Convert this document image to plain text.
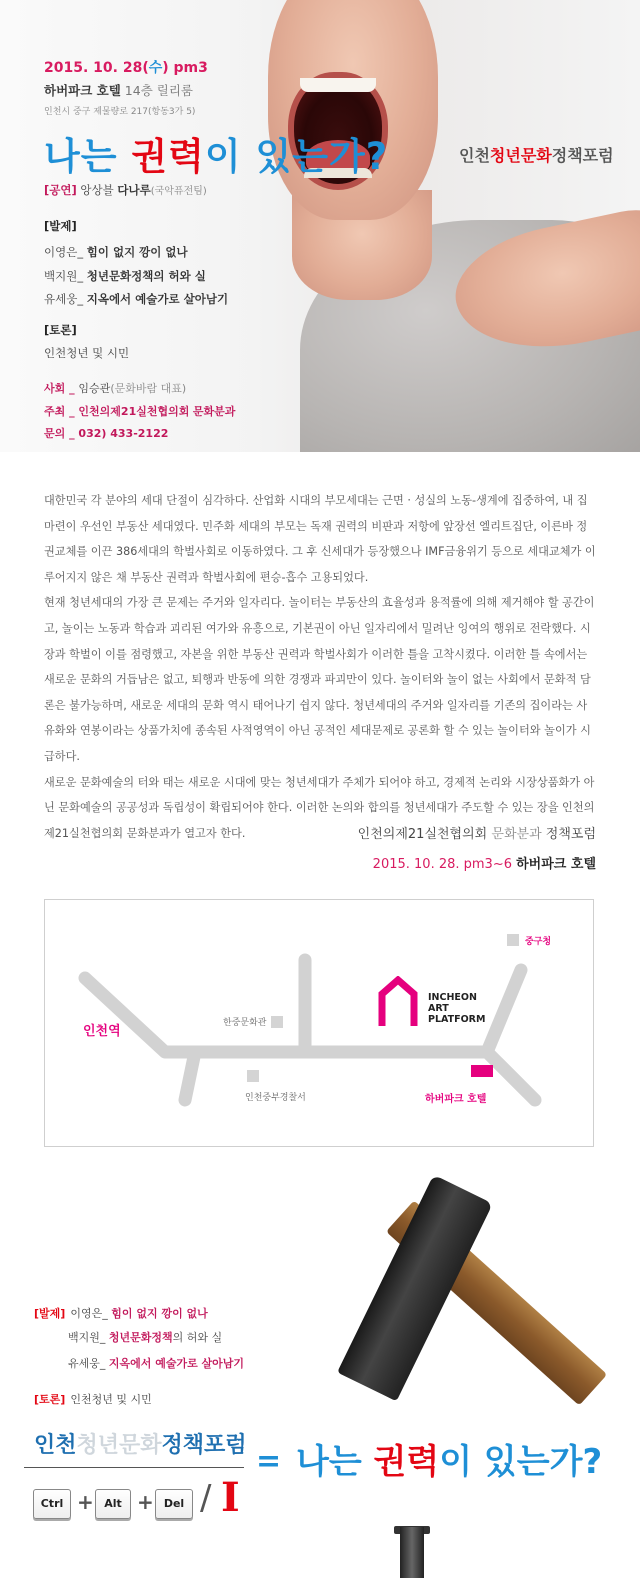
2015. 10. 28(수) pm3
하버파크 호텔 14층 릴리룸
인천시 중구 제물량로 217(항동3가 5)
나는 권력이 있는가?	인천청년문화정책포럼
[공연] 앙상블 다나루(국악퓨전팀)
[발제]
이영은_ 힘이 없지 깡이 없나
백지원_ 청년문화정책의 허와 실
유세웅_ 지옥에서 예술가로 살아남기
[토론]
인천청년 및 시민
사회 _ 임승관(문화바람 대표)
주최 _ 인천의제21실천협의회 문화분과
문의 _ 032) 433-2122

대한민국 각 분야의 세대 단절이 심각하다. 산업화 시대의 부모세대는 근면 · 성실의 노동-생계에 집중하여, 내 집 마련이 우선인 부동산 세대였다. 민주화 세대의 부모는 독재 권력의 비판과 저항에 앞장선 엘리트집단, 이른바 정권교체를 이끈 386세대의 학벌사회로 이동하였다. 그 후 신세대가 등장했으나 IMF금융위기 등으로 세대교체가 이루어지지 않은 채 부동산 권력과 학벌사회에 편승-흡수 고용되었다.

현재 청년세대의 가장 큰 문제는 주거와 일자리다. 놀이터는 부동산의 효율성과 용적률에 의해 제거해야 할 공간이고, 놀이는 노동과 학습과 괴리된 여가와 유흥으로, 기본권이 아닌 일자리에서 밀려난 잉여의 행위로 전락했다. 시장과 학벌이 이를 점령했고, 자본을 위한 부동산 권력과 학벌사회가 이러한 틀을 고착시켰다. 이러한 틀 속에서는 새로운 문화의 거듭남은 없고, 퇴행과 반동에 의한 경쟁과 파괴만이 있다. 놀이터와 놀이 없는 사회에서 문화적 담론은 불가능하며, 새로운 세대의 문화 역시 태어나기 쉽지 않다. 청년세대의 주거와 일자리를 기존의 집이라는 사유화와 연봉이라는 상품가치에 종속된 사적영역이 아닌 공적인 세대문제로 공론화 할 수 있는 놀이터와 놀이가 시급하다.

새로운 문화예술의 터와 태는 새로운 시대에 맞는 청년세대가 주체가 되어야 하고, 경제적 논리와 시장상품화가 아닌 문화예술의 공공성과 독립성이 확립되어야 한다. 이러한 논의와 합의를 청년세대가 주도할 수 있는 장을 인천의제21실천협의회 문화분과가 열고자 한다.	인천의제21실천협의회 문화분과 정책포럼
2015. 10. 28. pm3~6 하버파크 호텔
중구청
INCHEON
ART
PLATFORM
한중문화관
인천역
인천중부경찰서	하버파크 호텔
[발제] 이영은_ 힘이 없지 깡이 없나
백지원_ 청년문화정책의 허와 실
유세웅_ 지옥에서 예술가로 살아남기
[토론] 인천청년 및 시민
인천청년문화정책포럼
Ctrl + Alt + Del / I
= 나는 권력이 있는가?
